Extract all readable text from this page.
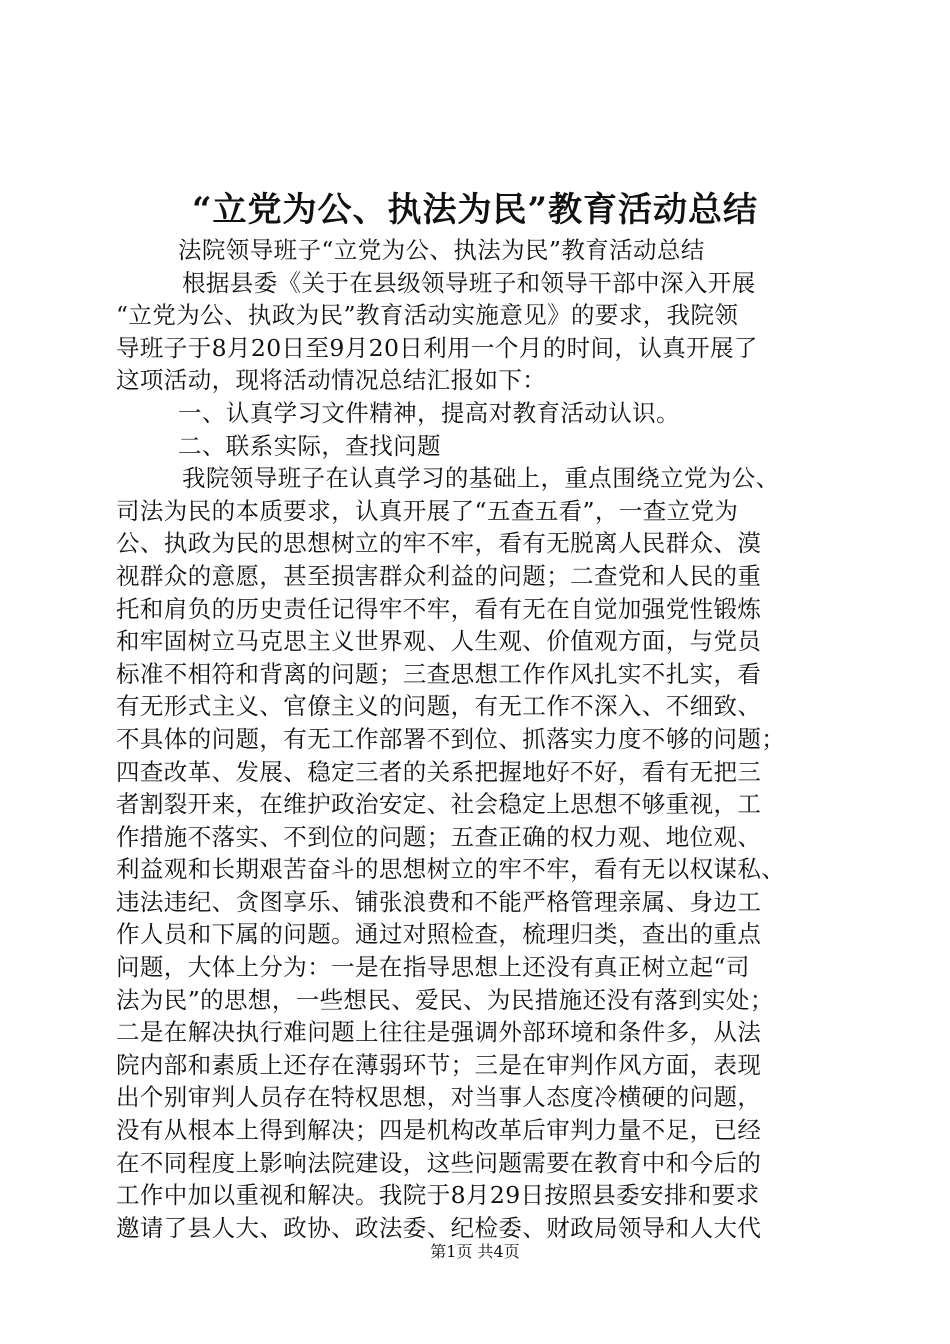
“立党为公、执法为民”教育活动总结
法院领导班子“立党为公、执法为民”教育活动总结
根据县委《关于在县级领导班子和领导干部中深入开展
“立党为公、执政为民”教育活动实施意见》的要求，我院领
导班子于8月20日至9月20日利用一个月的时间，认真开展了
这项活动，现将活动情况总结汇报如下：
一、认真学习文件精神，提高对教育活动认识。
二、联系实际，查找问题
我院领导班子在认真学习的基础上，重点围绕立党为公、
司法为民的本质要求，认真开展了“五查五看”，一查立党为
公、执政为民的思想树立的牢不牢，看有无脱离人民群众、漠
视群众的意愿，甚至损害群众利益的问题；二查党和人民的重
托和肩负的历史责任记得牢不牢，看有无在自觉加强党性锻炼
和牢固树立马克思主义世界观、人生观、价值观方面，与党员
标准不相符和背离的问题；三查思想工作作风扎实不扎实，看
有无形式主义、官僚主义的问题，有无工作不深入、不细致、
不具体的问题，有无工作部署不到位、抓落实力度不够的问题；
四查改革、发展、稳定三者的关系把握地好不好，看有无把三
者割裂开来，在维护政治安定、社会稳定上思想不够重视，工
作措施不落实、不到位的问题；五查正确的权力观、地位观、
利益观和长期艰苦奋斗的思想树立的牢不牢，看有无以权谋私、
违法违纪、贪图享乐、铺张浪费和不能严格管理亲属、身边工
作人员和下属的问题。通过对照检查，梳理归类，查出的重点
问题，大体上分为：一是在指导思想上还没有真正树立起“司
法为民”的思想，一些想民、爱民、为民措施还没有落到实处；
二是在解决执行难问题上往往是强调外部环境和条件多，从法
院内部和素质上还存在薄弱环节；三是在审判作风方面，表现
出个别审判人员存在特权思想，对当事人态度冷横硬的问题，
没有从根本上得到解决；四是机构改革后审判力量不足，已经
在不同程度上影响法院建设，这些问题需要在教育中和今后的
工作中加以重视和解决。我院于8月29日按照县委安排和要求
邀请了县人大、政协、政法委、纪检委、财政局领导和人大代
第1页 共4页
